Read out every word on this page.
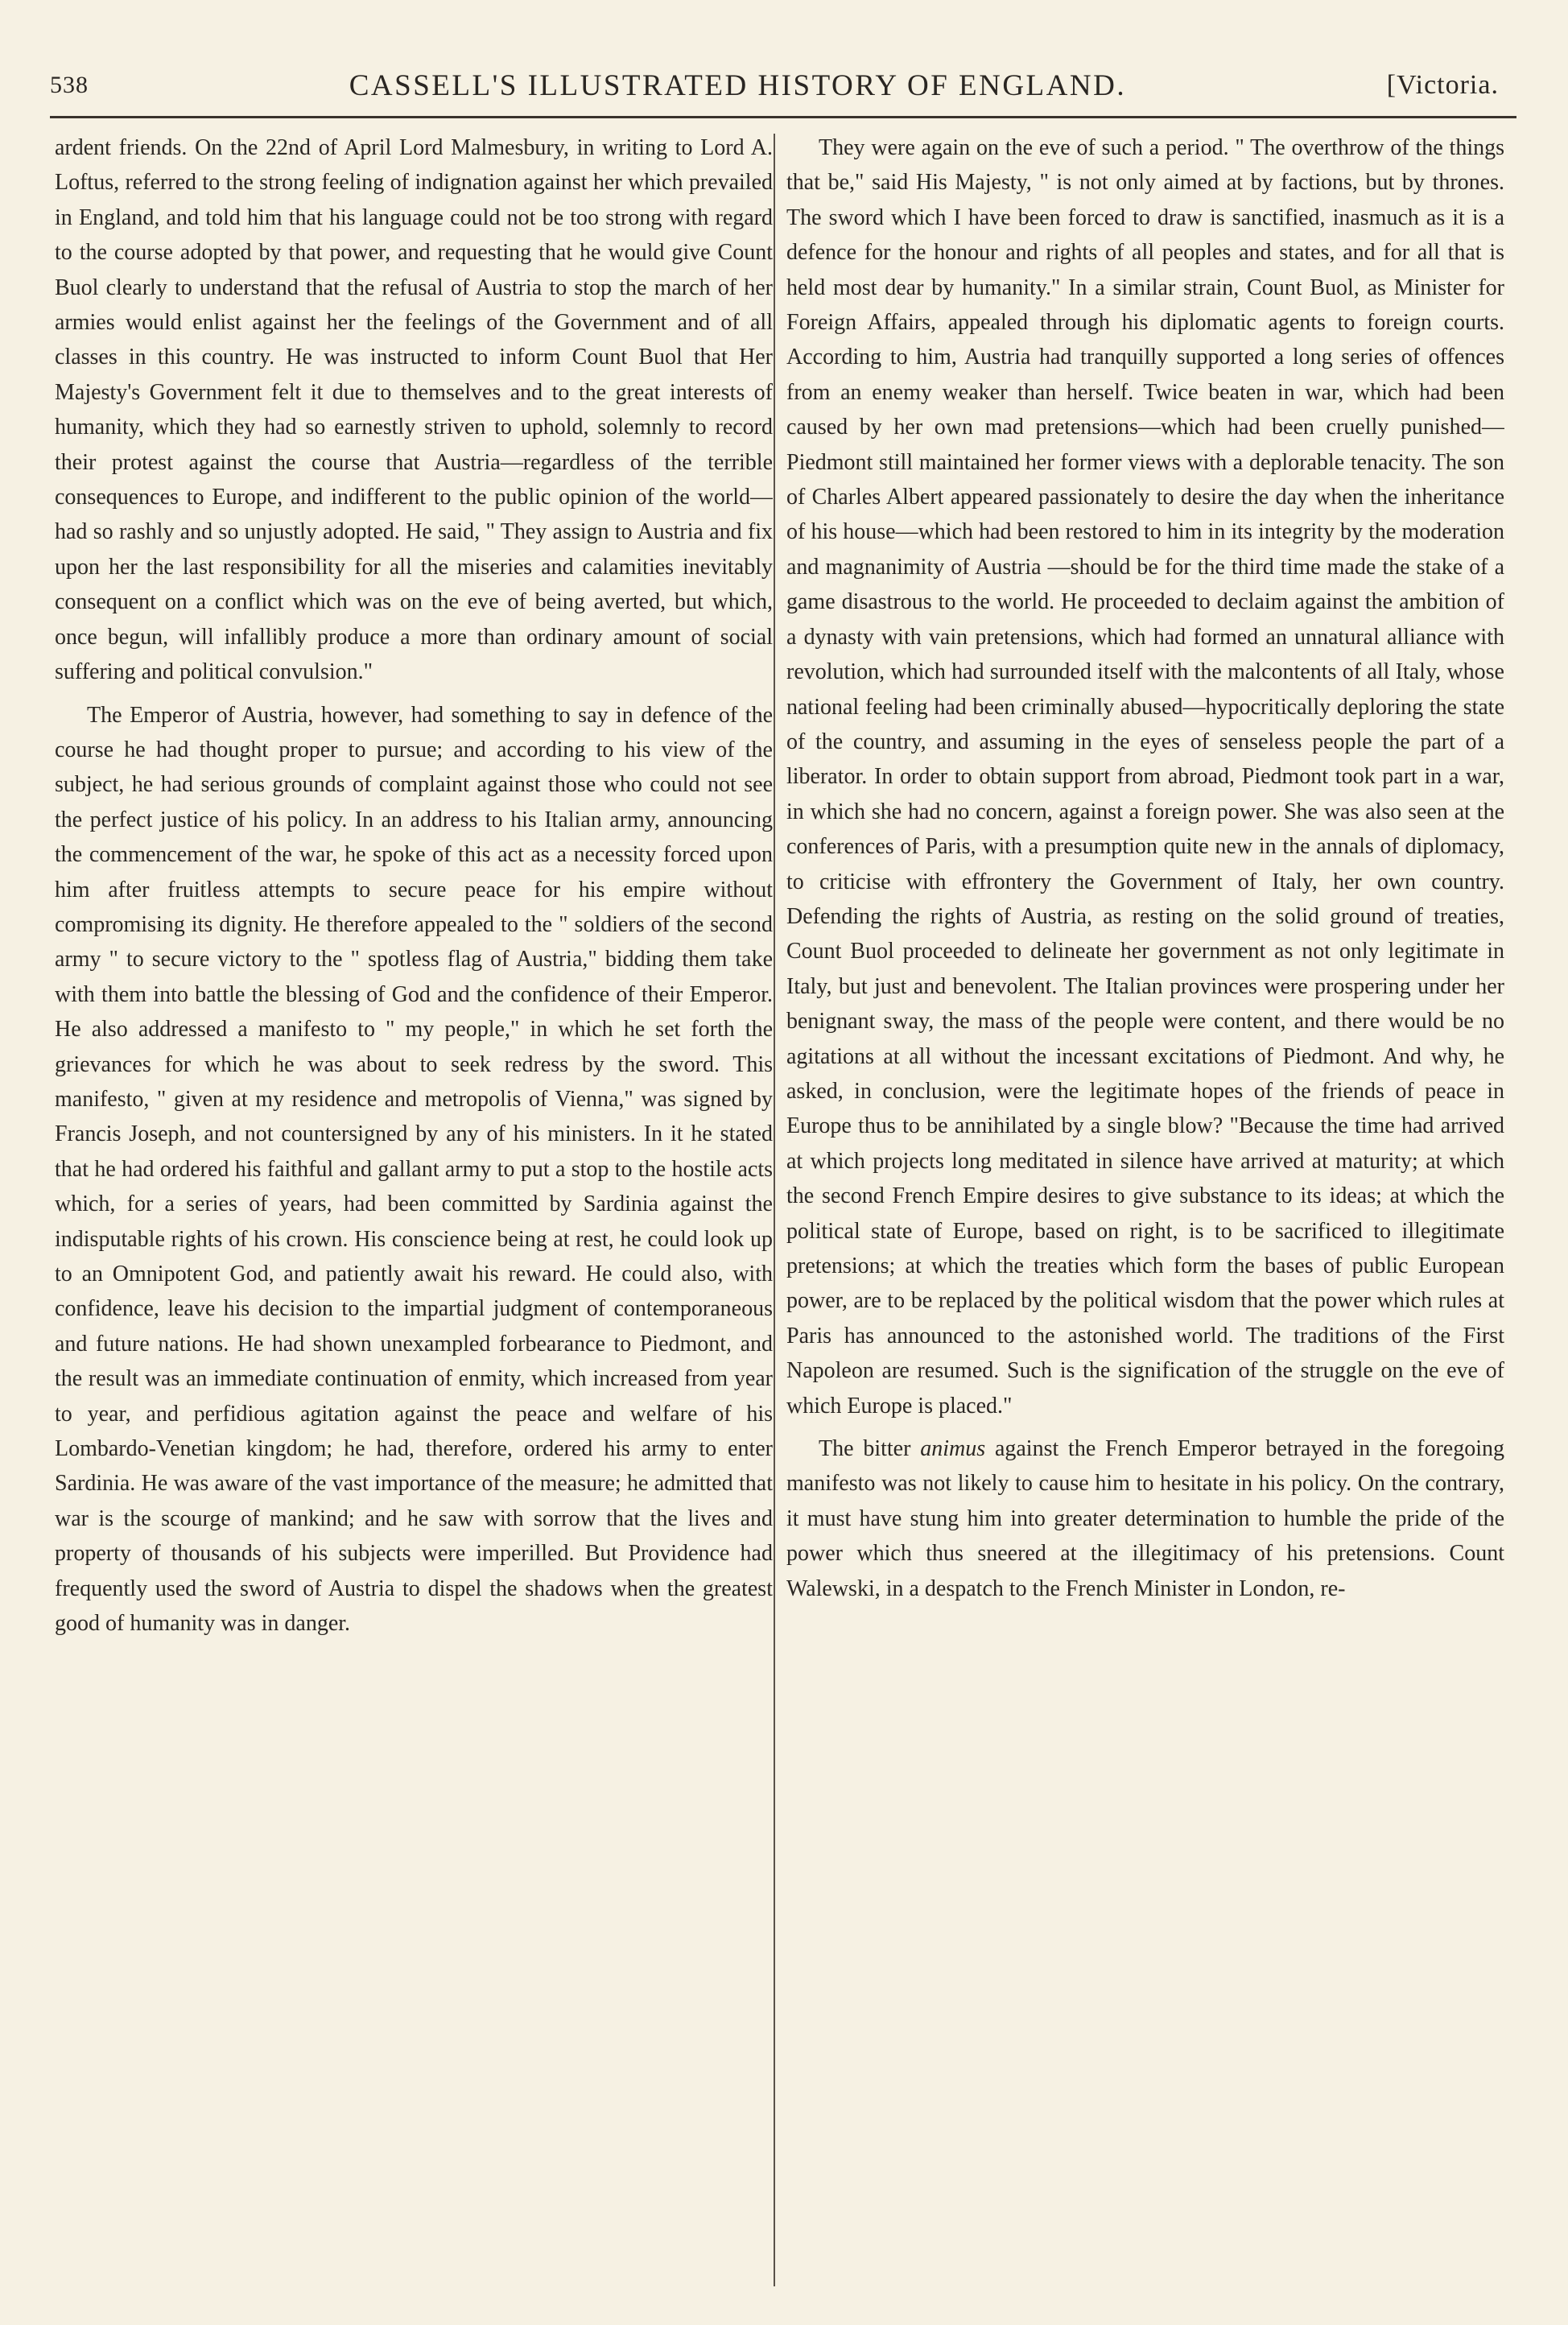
538	CASSELL'S ILLUSTRATED HISTORY OF ENGLAND.	[Victoria.

ardent friends. On the 22nd of April Lord Malmesbury, in writing to Lord A. Loftus, referred to the strong feeling of indignation against her which prevailed in England, and told him that his language could not be too strong with regard to the course adopted by that power, and requesting that he would give Count Buol clearly to understand that the refusal of Austria to stop the march of her armies would enlist against her the feelings of the Government and of all classes in this country. He was instructed to inform Count Buol that Her Majesty's Government felt it due to themselves and to the great interests of humanity, which they had so earnestly striven to uphold, solemnly to record their protest against the course that Austria—regardless of the terrible consequences to Europe, and indifferent to the public opinion of the world—had so rashly and so unjustly adopted. He said, " They assign to Austria and fix upon her the last responsibility for all the miseries and calamities inevitably consequent on a conflict which was on the eve of being averted, but which, once begun, will infallibly produce a more than ordinary amount of social suffering and political convulsion."

The Emperor of Austria, however, had something to say in defence of the course he had thought proper to pursue; and according to his view of the subject, he had serious grounds of complaint against those who could not see the perfect justice of his policy. In an address to his Italian army, announcing the commencement of the war, he spoke of this act as a necessity forced upon him after fruitless attempts to secure peace for his empire without compromising its dignity. He therefore appealed to the " soldiers of the second army " to secure victory to the " spotless flag of Austria," bidding them take with them into battle the blessing of God and the confidence of their Emperor. He also addressed a manifesto to " my people," in which he set forth the grievances for which he was about to seek redress by the sword. This manifesto, " given at my residence and metropolis of Vienna," was signed by Francis Joseph, and not countersigned by any of his ministers. In it he stated that he had ordered his faithful and gallant army to put a stop to the hostile acts which, for a series of years, had been committed by Sardinia against the indisputable rights of his crown. His conscience being at rest, he could look up to an Omnipotent God, and patiently await his reward. He could also, with confidence, leave his decision to the impartial judgment of contemporaneous and future nations. He had shown unexampled forbearance to Piedmont, and the result was an immediate continuation of enmity, which increased from year to year, and perfidious agitation against the peace and welfare of his Lombardo-Venetian kingdom; he had, therefore, ordered his army to enter Sardinia. He was aware of the vast importance of the measure; he admitted that war is the scourge of mankind; and he saw with sorrow that the lives and property of thousands of his subjects were imperilled. But Providence had frequently used the sword of Austria to dispel the shadows when the greatest good of humanity was in danger.

They were again on the eve of such a period. " The overthrow of the things that be," said His Majesty, " is not only aimed at by factions, but by thrones. The sword which I have been forced to draw is sanctified, inasmuch as it is a defence for the honour and rights of all peoples and states, and for all that is held most dear by humanity." In a similar strain, Count Buol, as Minister for Foreign Affairs, appealed through his diplomatic agents to foreign courts. According to him, Austria had tranquilly supported a long series of offences from an enemy weaker than herself. Twice beaten in war, which had been caused by her own mad pretensions—which had been cruelly punished—Piedmont still maintained her former views with a deplorable tenacity. The son of Charles Albert appeared passionately to desire the day when the inheritance of his house—which had been restored to him in its integrity by the moderation and magnanimity of Austria —should be for the third time made the stake of a game disastrous to the world. He proceeded to declaim against the ambition of a dynasty with vain pretensions, which had formed an unnatural alliance with revolution, which had surrounded itself with the malcontents of all Italy, whose national feeling had been criminally abused—hypocritically deploring the state of the country, and assuming in the eyes of senseless people the part of a liberator. In order to obtain support from abroad, Piedmont took part in a war, in which she had no concern, against a foreign power. She was also seen at the conferences of Paris, with a presumption quite new in the annals of diplomacy, to criticise with effrontery the Government of Italy, her own country. Defending the rights of Austria, as resting on the solid ground of treaties, Count Buol proceeded to delineate her government as not only legitimate in Italy, but just and benevolent. The Italian provinces were prospering under her benignant sway, the mass of the people were content, and there would be no agitations at all without the incessant excitations of Piedmont. And why, he asked, in conclusion, were the legitimate hopes of the friends of peace in Europe thus to be annihilated by a single blow? "Because the time had arrived at which projects long meditated in silence have arrived at maturity; at which the second French Empire desires to give substance to its ideas; at which the political state of Europe, based on right, is to be sacrificed to illegitimate pretensions; at which the treaties which form the bases of public European power, are to be replaced by the political wisdom that the power which rules at Paris has announced to the astonished world. The traditions of the First Napoleon are resumed. Such is the signification of the struggle on the eve of which Europe is placed."

The bitter animus against the French Emperor betrayed in the foregoing manifesto was not likely to cause him to hesitate in his policy. On the contrary, it must have stung him into greater determination to humble the pride of the power which thus sneered at the illegitimacy of his pretensions. Count Walewski, in a despatch to the French Minister in London, re-
